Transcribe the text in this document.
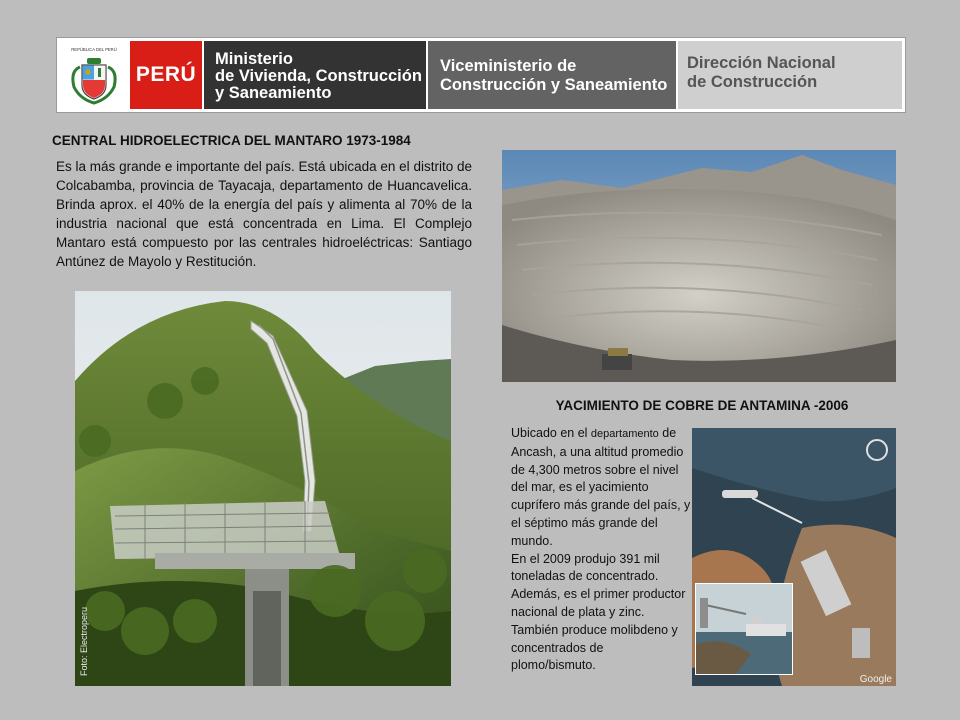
REPÚBLICA DEL PERÚ
PERÚ
Ministerio
de Vivienda, Construcción
y Saneamiento
Viceministerio de
Construcción y Saneamiento
Dirección Nacional
de Construcción
CENTRAL HIDROELECTRICA DEL MANTARO 1973-1984

Es la más grande e importante del país. Está ubicada en el distrito de Colcabamba, provincia de Tayacaja, departamento de Huancavelica. Brinda aprox. el 40% de la energía del país y alimenta al 70% de la industria nacional que está concentrada en Lima. El Complejo Mantaro está compuesto por las centrales hidroeléctricas: Santiago Antúnez de Mayolo y Restitución.

Foto: Electroperu
YACIMIENTO DE COBRE DE ANTAMINA -2006
Ubicado en el departamento de Ancash, a una altitud promedio de 4,300 metros sobre el nivel del mar, es el yacimiento cuprífero más grande del país, y el séptimo más grande del mundo.
En el 2009 produjo 391 mil toneladas de concentrado. Además, es el primer productor nacional de plata y zinc. También produce molibdeno y concentrados de plomo/bismuto.
Google
